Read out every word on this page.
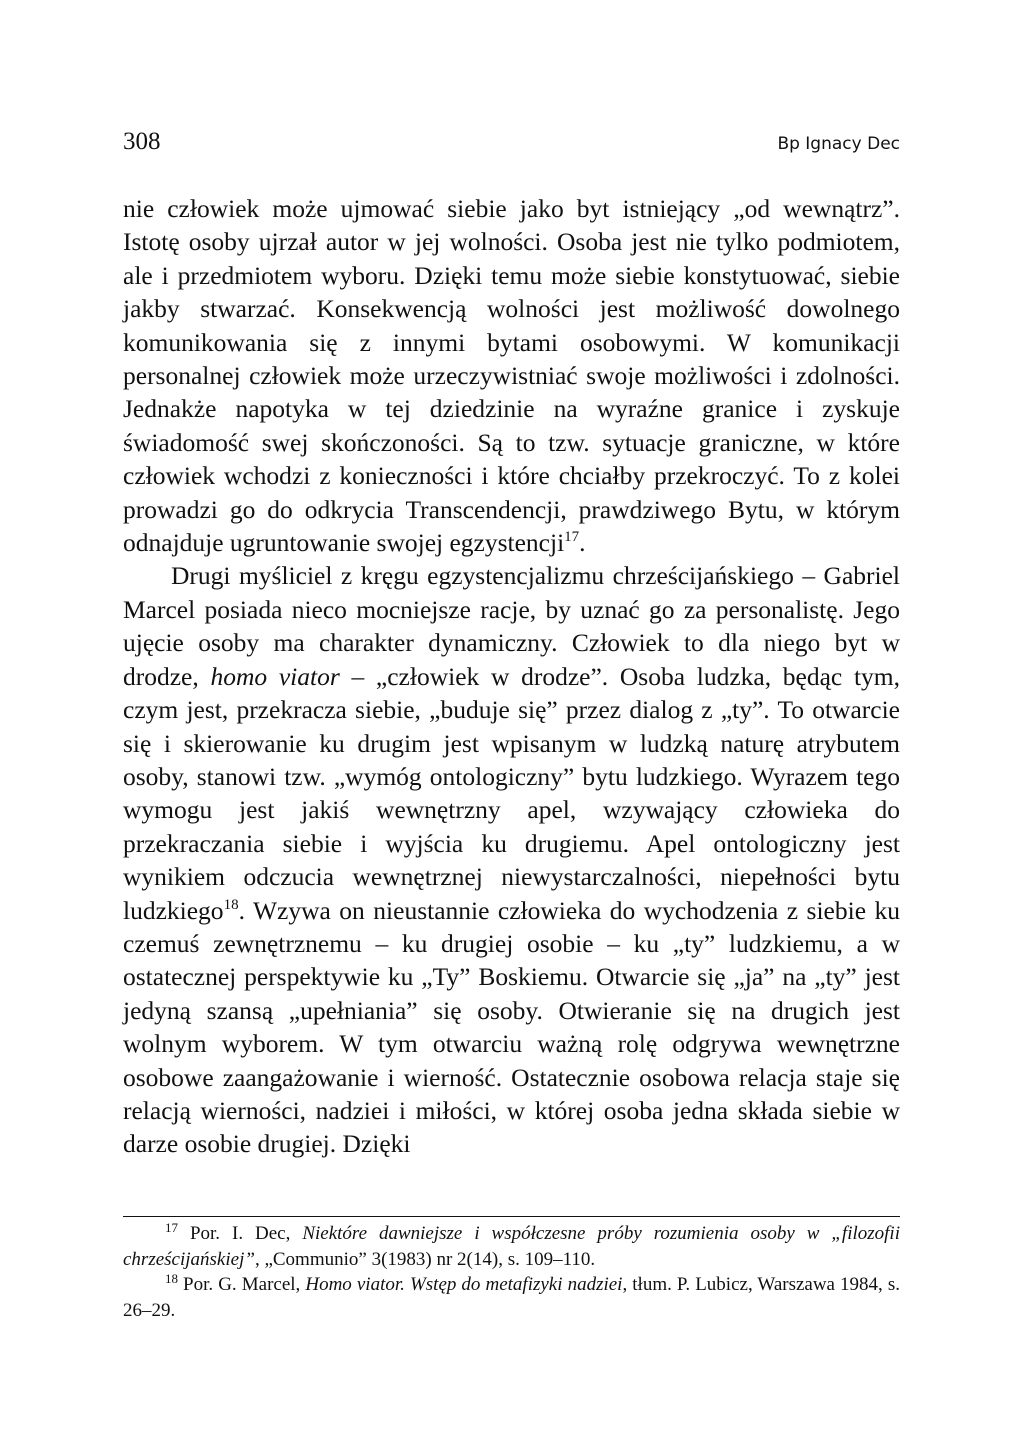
308	Bp Ignacy Dec

nie człowiek może ujmować siebie jako byt istniejący „od wewnątrz”. Istotę osoby ujrzał autor w jej wolności. Osoba jest nie tylko podmiotem, ale i przedmiotem wyboru. Dzięki temu może siebie konstytuować, siebie jakby stwarzać. Konsekwencją wolności jest możliwość dowolnego komunikowania się z innymi bytami osobowymi. W komunikacji personalnej człowiek może urzeczywistniać swoje możliwości i zdolności. Jednakże napotyka w tej dziedzinie na wyraźne granice i zyskuje świadomość swej skończoności. Są to tzw. sytuacje graniczne, w które człowiek wchodzi z konieczności i które chciałby przekroczyć. To z kolei prowadzi go do odkrycia Transcendencji, prawdziwego Bytu, w którym odnajduje ugruntowanie swojej egzystencji$^{17}$.

Drugi myśliciel z kręgu egzystencjalizmu chrześcijańskiego – Gabriel Marcel posiada nieco mocniejsze racje, by uznać go za personalistę. Jego ujęcie osoby ma charakter dynamiczny. Człowiek to dla niego byt w drodze, homo viator – „człowiek w drodze”. Osoba ludzka, będąc tym, czym jest, przekracza siebie, „buduje się” przez dialog z „ty”. To otwarcie się i skierowanie ku drugim jest wpisanym w ludzką naturę atrybutem osoby, stanowi tzw. „wymóg ontologiczny” bytu ludzkiego. Wyrazem tego wymogu jest jakiś wewnętrzny apel, wzywający człowieka do przekraczania siebie i wyjścia ku drugiemu. Apel ontologiczny jest wynikiem odczucia wewnętrznej niewystarczalności, niepełności bytu ludzkiego$^{18}$. Wzywa on nieustannie człowieka do wychodzenia z siebie ku czemuś zewnętrznemu – ku drugiej osobie – ku „ty” ludzkiemu, a w ostatecznej perspektywie ku „Ty” Boskiemu. Otwarcie się „ja” na „ty” jest jedyną szansą „upełniania” się osoby. Otwieranie się na drugich jest wolnym wyborem. W tym otwarciu ważną rolę odgrywa wewnętrzne osobowe zaangażowanie i wierność. Ostatecznie osobowa relacja staje się relacją wierności, nadziei i miłości, w której osoba jedna składa siebie w darze osobie drugiej. Dzięki

$^{17}$ Por. I. Dec, Niektóre dawniejsze i współczesne próby rozumienia osoby w „filozofii chrześcijańskiej”, „Communio” 3(1983) nr 2(14), s. 109–110.

$^{18}$ Por. G. Marcel, Homo viator. Wstęp do metafizyki nadziei, tłum. P. Lubicz, Warszawa 1984, s. 26–29.
